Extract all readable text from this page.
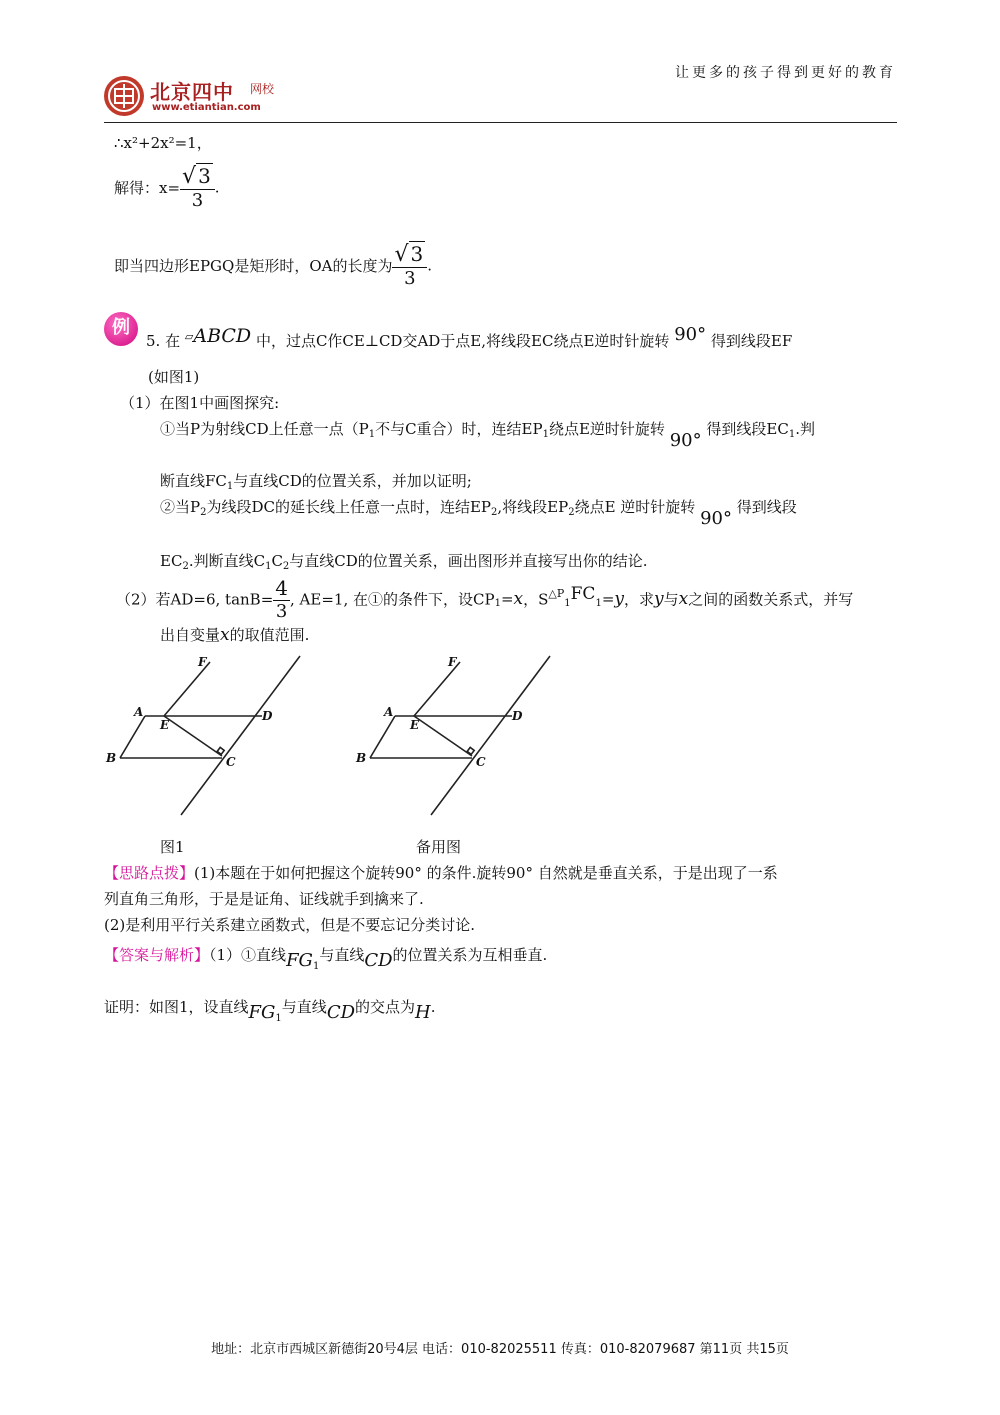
让更多的孩子得到更好的教育
北京四中 网校
www.etiantian.com
∴x²+2x²=1，
解得：$x= \frac{√ 3}{3}$ .
即当四边形EPGQ是矩形时，OA的长度为 $\frac{√ 3}{3}$ .
例
5. 在 ▱ABCD 中，过点C作CE⊥CD交AD于点E,将线段EC绕点E逆时针旋转 90° 得到线段EF
(如图1)
（1）在图1中画图探究:
①当P为射线CD上任意一点（$P_1$不与C重合）时，连结$EP_1$绕点E逆时针旋转 90° 得到线段$EC_1$.判
断直线$FC_1$与直线CD的位置关系，并加以证明;
②当$P_2$为线段DC的延长线上任意一点时，连结$EP_2$,将线段$EP_2$绕点E 逆时针旋转 90° 得到线段
$EC_2$.判断直线$C_1C_2$与直线CD的位置关系，画出图形并直接写出你的结论.
（2）若AD=6, $\tan B= \frac{4}{3}$ , AE=1, 在①的条件下，设$CP_1=x$，$S^{\triangle P}_1FC_1=y$，求y与x之间的函数关系式，并写
出自变量x的取值范围.
F
A
E
D
B	C
F
A
E
D
B	C
图1	备用图
【思路点拨】(1)本题在于如何把握这个旋转90° 的条件.旋转90° 自然就是垂直关系，于是出现了一系
列直角三角形，于是是证角、证线就手到擒来了.
(2)是利用平行关系建立函数式，但是不要忘记分类讨论.
【答案与解析】（1）①直线$FG_1$与直线CD的位置关系为互相垂直.
证明：如图1，设直线$FG_1$与直线CD的交点为H.
地址：北京市西城区新德街20号4层 电话：010-82025511 传真：010-82079687 第11页 共15页
